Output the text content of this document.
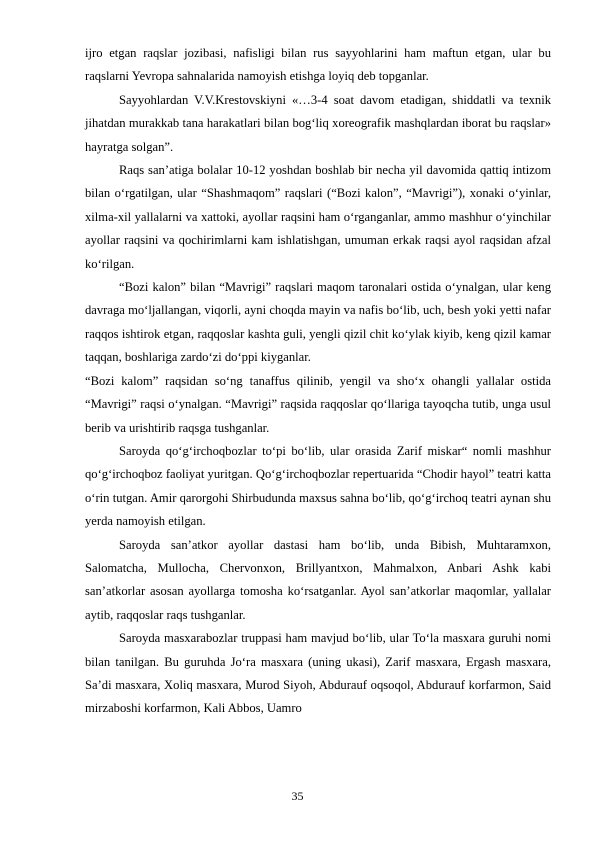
ijro etgan raqslar jozibasi, nafisligi bilan rus sayyohlarini ham maftun etgan, ular bu raqslarni Yevropa sahnalarida namoyish etishga loyiq deb topganlar.

Sayyohlardan V.V.Krestovskiyni «…3-4 soat davom etadigan, shiddatli va texnik jihatdan murakkab tana harakatlari bilan bog‘liq xoreografik mashqlardan iborat bu raqslar» hayratga solgan”.

Raqs san’atiga bolalar 10-12 yoshdan boshlab bir necha yil davomida qattiq intizom bilan o‘rgatilgan, ular “Shashmaqom” raqslari (“Bozi kalon”, “Mavrigi”), xonaki o‘yinlar, xilma-xil yallalarni va xattoki, ayollar raqsini ham o‘rganganlar, ammo mashhur o‘yinchilar ayollar raqsini va qochirimlarni kam ishlatishgan, umuman erkak raqsi ayol raqsidan afzal ko‘rilgan.

“Bozi kalon” bilan “Mavrigi” raqslari maqom taronalari ostida o‘ynalgan, ular keng davraga mo‘ljallangan, viqorli, ayni choqda mayin va nafis bo‘lib, uch, besh yoki yetti nafar raqqos ishtirok etgan, raqqoslar kashta guli, yengli qizil chit ko‘ylak kiyib, keng qizil kamar taqqan, boshlariga zardo‘zi do‘ppi kiyganlar.

“Bozi kalom” raqsidan so‘ng tanaffus qilinib, yengil va sho‘x ohangli yallalar ostida “Mavrigi” raqsi o‘ynalgan. “Mavrigi” raqsida raqqoslar qo‘llariga tayoqcha tutib, unga usul berib va urishtirib raqsga tushganlar.

Saroyda qo‘g‘irchoqbozlar to‘pi bo‘lib, ular orasida Zarif miskar“ nomli mashhur qo‘g‘irchoqboz faoliyat yuritgan. Qo‘g‘irchoqbozlar repertuarida “Chodir hayol” teatri katta o‘rin tutgan. Amir qarorgohi Shirbudunda maxsus sahna bo‘lib, qo‘g‘irchoq teatri aynan shu yerda namoyish etilgan.

Saroyda san’atkor ayollar dastasi ham bo‘lib, unda Bibish, Muhtaramxon, Salomatcha, Mullocha, Chervonxon, Brillyantxon, Mahmalxon, Anbari Ashk kabi san’atkorlar asosan ayollarga tomosha ko‘rsatganlar. Ayol san’atkorlar maqomlar, yallalar aytib, raqqoslar raqs tushganlar.

Saroyda masxarabozlar truppasi ham mavjud bo‘lib, ular To‘la masxara guruhi nomi bilan tanilgan. Bu guruhda Jo‘ra masxara (uning ukasi), Zarif masxara, Ergash masxara, Sa’di masxara, Xoliq masxara, Murod Siyoh, Abdurauf oqsoqol, Abdurauf korfarmon, Said mirzaboshi korfarmon, Kali Abbos, Uamro

35
